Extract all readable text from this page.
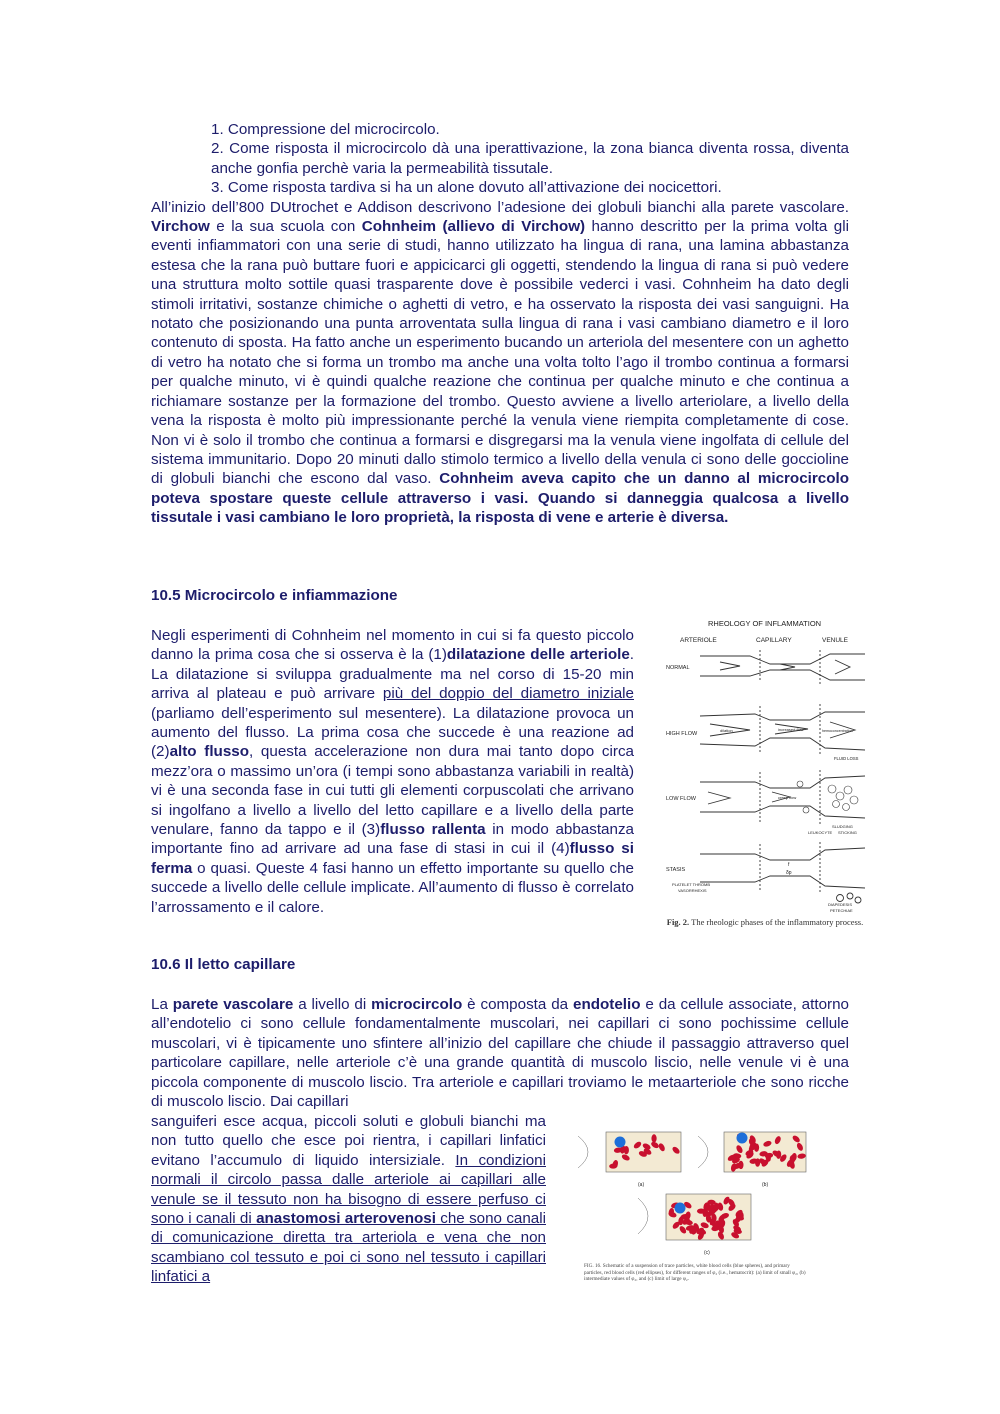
1. Compressione del microcircolo.

2. Come risposta il microcircolo dà una iperattivazione, la zona bianca diventa rossa, diventa anche gonfia perchè varia la permeabilità tissutale.

3. Come risposta tardiva si ha un alone dovuto all’attivazione dei nocicettori.

All’inizio dell’800 DUtrochet e Addison descrivono l’adesione dei globuli bianchi alla parete vascolare. Virchow e la sua scuola con Cohnheim (allievo di Virchow) hanno descritto per la prima volta gli eventi infiammatori con una serie di studi, hanno utilizzato ha lingua di rana, una lamina abbastanza estesa che la rana può buttare fuori e appicicarci gli oggetti, stendendo la lingua di rana si può vedere una struttura molto sottile quasi trasparente dove è possibile vederci i vasi. Cohnheim ha dato degli stimoli irritativi, sostanze chimiche o aghetti di vetro, e ha osservato la risposta dei vasi sanguigni. Ha notato che posizionando una punta arroventata sulla lingua di rana i vasi cambiano diametro e il loro contenuto di sposta. Ha fatto anche un esperimento bucando un arteriola del mesentere con un aghetto di vetro ha notato che si forma un trombo ma anche una volta tolto l’ago il trombo continua a formarsi per qualche minuto, vi è quindi qualche reazione che continua per qualche minuto e che continua a richiamare sostanze per la formazione del trombo. Questo avviene a livello arteriolare, a livello della vena la risposta è molto più impressionante perché la venula viene riempita completamente di cose. Non vi è solo il trombo che continua a formarsi e disgregarsi ma la venula viene ingolfata di cellule del sistema immunitario. Dopo 20 minuti dallo stimolo termico a livello della venula ci sono delle goccioline di globuli bianchi che escono dal vaso. Cohnheim aveva capito che un danno al microcircolo poteva spostare queste cellule attraverso i vasi. Quando si danneggia qualcosa a livello tissutale i vasi cambiano le loro proprietà, la risposta di vene e arterie è diversa.

10.5 Microcircolo e infiammazione
Negli esperimenti di Cohnheim nel momento in cui si fa questo piccolo danno la prima cosa che si osserva è la (1)dilatazione delle arteriole. La dilatazione si sviluppa gradualmente ma nel corso di 15-20 min arriva al plateau e può arrivare più del doppio del diametro iniziale (parliamo dell’esperimento sul mesentere). La dilatazione provoca un aumento del flusso. La prima cosa che succede è una reazione ad (2)alto flusso, questa accelerazione non dura mai tanto dopo circa mezz’ora o massimo un’ora (i tempi sono abbastanza variabili in realtà) vi è una seconda fase in cui tutti gli elementi corpuscolati che arrivano si ingolfano a livello a livello del letto capillare e a livello della parte venulare, fanno da tappo e il (3)flusso rallenta in modo abbastanza importante fino ad arrivare ad una fase di stasi in cui il (4)flusso si ferma o quasi. Queste 4 fasi hanno un effetto importante su quello che succede a livello delle cellule implicate. All’aumento di flusso è correlato l’arrossamento e il calore.
RHEOLOGY OF INFLAMMATION
ARTERIOLE	CAPILLARY	VENULE
NORMAL
HIGH FLOW
LOW FLOW
STASIS
dilation	increased flow	hemoconcentration
FLUID LOSS
creep flow
SLUDGING
LEUKOCYTE STICKING
f
δp
PLATELET THROMB
VASORRHEXIS
DIAPEDESIS
PETECHIAE
Fig. 2. The rheologic phases of the inflammatory process.
10.6 Il letto capillare
La parete vascolare a livello di microcircolo è composta da endotelio e da cellule associate, attorno all’endotelio ci sono cellule fondamentalmente muscolari, nei capillari ci sono pochissime cellule muscolari, vi è tipicamente uno sfintere all’inizio del capillare che chiude il passaggio attraverso quel particolare capillare, nelle arteriole c’è una grande quantità di muscolo liscio, nelle venule vi è una piccola componente di muscolo liscio. Tra arteriole e capillari troviamo le metaarteriole che sono ricche di muscolo liscio. Dai capillari
sanguiferi esce acqua, piccoli soluti e globuli bianchi ma non tutto quello che esce poi rientra, i capillari linfatici evitano l’accumulo di liquido intersiziale. In condizioni normali il circolo passa dalle arteriole ai capillari alle venule se il tessuto non ha bisogno di essere perfuso ci sono i canali di anastomosi arterovenosi che sono canali di comunicazione diretta tra arteriola e vena che non scambiano col tessuto e poi ci sono nel tessuto i capillari linfatici a
(a)	(b)
(c)
FIG. 16. Schematic of a suspension of trace particles, white blood cells (blue spheres), and primary particles, red blood cells (red ellipses), for different ranges of φ₂ (i.e., hematocrit): (a) limit of small φ₂, (b) intermediate values of φ₂, and (c) limit of large φ₂.
